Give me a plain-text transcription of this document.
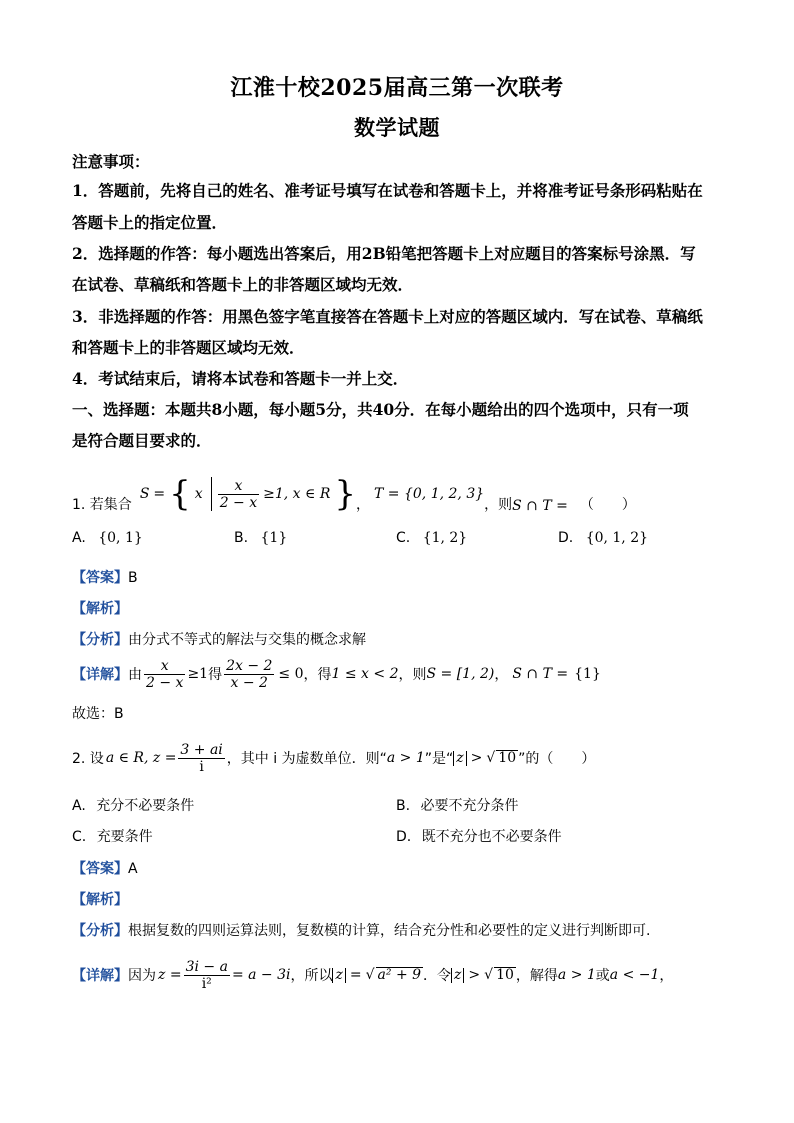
江淮十校2025届高三第一次联考
数学试题
注意事项：
1．答题前，先将自己的姓名、准考证号填写在试卷和答题卡上，并将准考证号条形码粘贴在
答题卡上的指定位置．
2．选择题的作答：每小题选出答案后，用2B铅笔把答题卡上对应题目的答案标号涂黑．写
在试卷、草稿纸和答题卡上的非答题区域均无效．
3．非选择题的作答：用黑色签字笔直接答在答题卡上对应的答题区域内．写在试卷、草稿纸
和答题卡上的非答题区域均无效．
4．考试结束后，请将本试卷和答题卡一并上交．
一、选择题：本题共8小题，每小题5分，共40分．在每小题给出的四个选项中，只有一项
是符合题目要求的．
1. 若集合
S = { x $\frac{x}{2 - x} \ge 1$, x ∈ R } ，
T = {0, 1, 2, 3}
，则 S ∩ T = （　　）
A. {0, 1}	B. {1}	C. {1, 2}	D. {0, 1, 2}
【答案】B
【解析】
【分析】由分式不等式的解法与交集的概念求解
【详解】 由 $\frac{x}{2 - x} \ge 1$ 得 $\frac{2x - 2}{x - 2} \le 0$ ，得 1 ≤ x < 2 ，则 S = [1, 2) ， S ∩ T = {1}
故选：B
2. 设 a ∈ R, $z = \frac{3 + ai}{i}$ ，其中 i 为虚数单位．则“ a > 1 ”是“ z > √ 10 ”的（　　）
A. 充分不必要条件	B. 必要不充分条件
C. 充要条件	D. 既不充分也不必要条件
【答案】A
【解析】
【分析】根据复数的四则运算法则，复数模的计算，结合充分性和必要性的定义进行判断即可.
【详解】 因为 $z = \frac{3i - a}{\text{i²}} = a - 3i$ ，所以 z = √ a² + 9 ．令 z > √ 10 ，解得 a > 1 或 a < −1 ，
